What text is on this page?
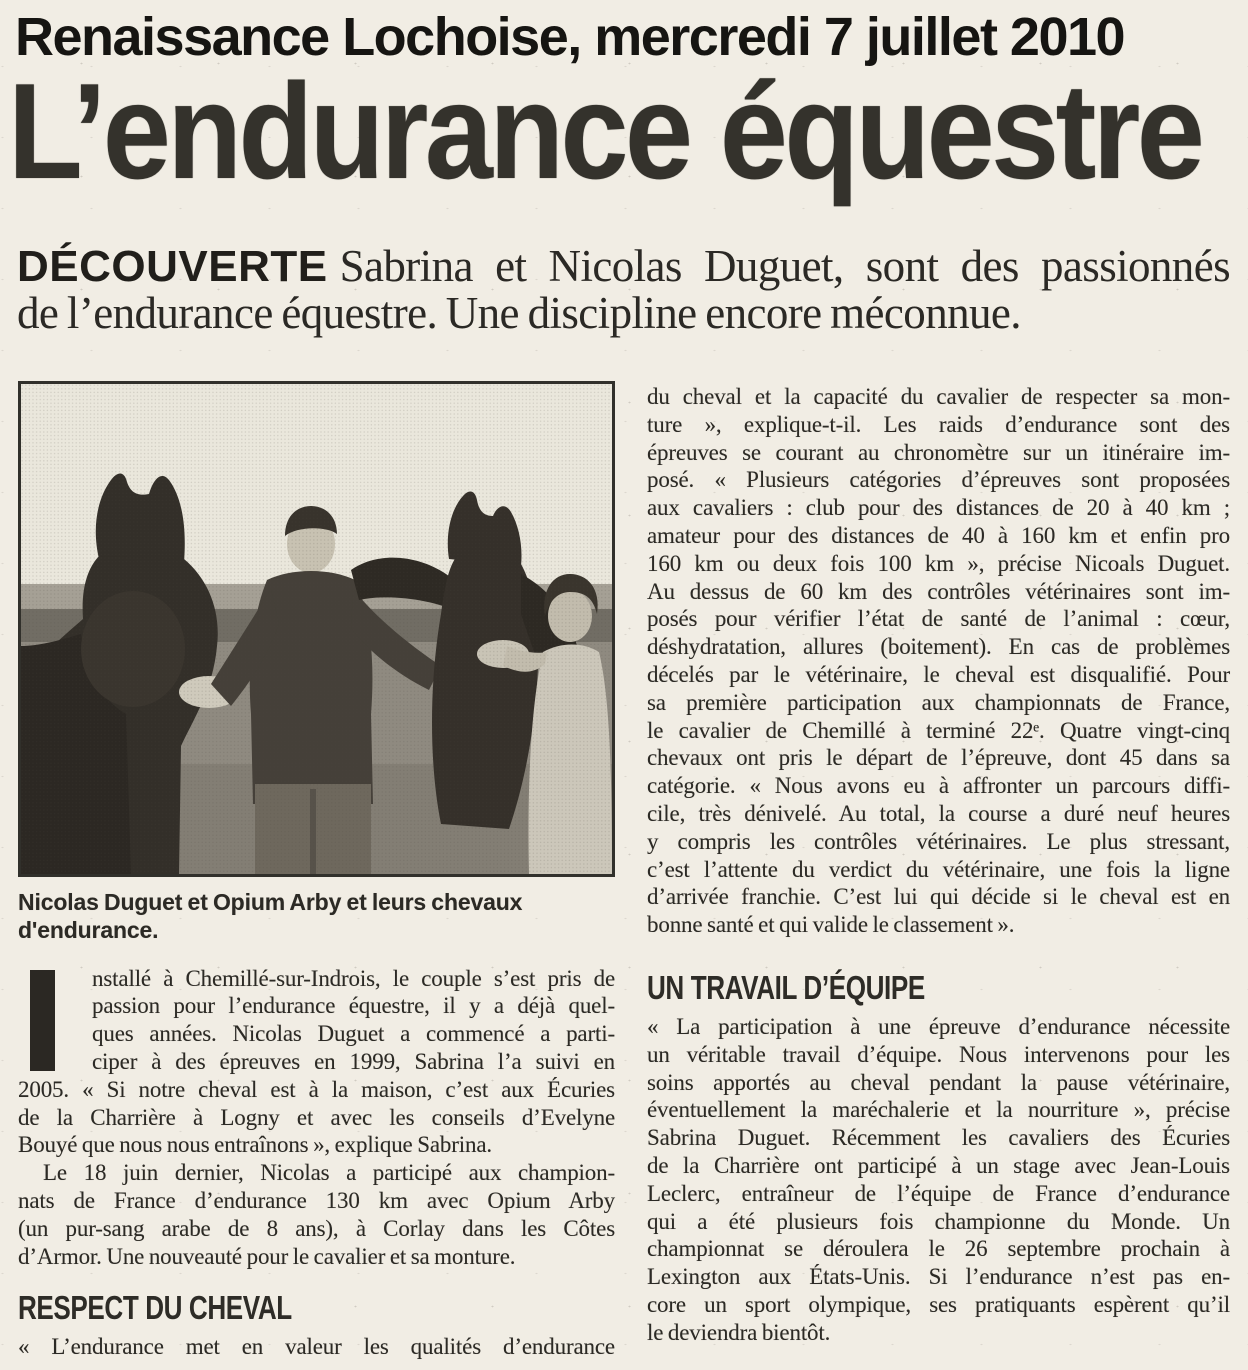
Renaissance Lochoise, mercredi 7 juillet 2010
L’endurance équestre
DÉCOUVERTE Sabrina et Nicolas Duguet, sont des passionnés
de l’endurance équestre. Une discipline encore méconnue.
Nicolas Duguet et Opium Arby et leurs chevaux
d'endurance.
nstallé à Chemillé-sur-Indrois, le couple s’est pris de
passion pour l’endurance équestre, il y a déjà quel-
ques années. Nicolas Duguet a commencé a parti-
ciper à des épreuves en 1999, Sabrina l’a suivi en
2005. « Si notre cheval est à la maison, c’est aux Écuries
de la Charrière à Logny et avec les conseils d’Evelyne
Bouyé que nous nous entraînons », explique Sabrina.
Le 18 juin dernier, Nicolas a participé aux champion-
nats de France d’endurance 130 km avec Opium Arby
(un pur-sang arabe de 8 ans), à Corlay dans les Côtes
d’Armor. Une nouveauté pour le cavalier et sa monture.
RESPECT DU CHEVAL
« L’endurance met en valeur les qualités d’endurance
du cheval et la capacité du cavalier de respecter sa mon-
ture », explique-t-il. Les raids d’endurance sont des
épreuves se courant au chronomètre sur un itinéraire im-
posé. « Plusieurs catégories d’épreuves sont proposées
aux cavaliers : club pour des distances de 20 à 40 km ;
amateur pour des distances de 40 à 160 km et enfin pro
160 km ou deux fois 100 km », précise Nicoals Duguet.
Au dessus de 60 km des contrôles vétérinaires sont im-
posés pour vérifier l’état de santé de l’animal : cœur,
déshydratation, allures (boitement). En cas de problèmes
décelés par le vétérinaire, le cheval est disqualifié. Pour
sa première participation aux championnats de France,
le cavalier de Chemillé à terminé 22ᵉ. Quatre vingt-cinq
chevaux ont pris le départ de l’épreuve, dont 45 dans sa
catégorie. « Nous avons eu à affronter un parcours diffi-
cile, très dénivelé. Au total, la course a duré neuf heures
y compris les contrôles vétérinaires. Le plus stressant,
c’est l’attente du verdict du vétérinaire, une fois la ligne
d’arrivée franchie. C’est lui qui décide si le cheval est en
bonne santé et qui valide le classement ».
UN TRAVAIL D’ÉQUIPE
« La participation à une épreuve d’endurance nécessite
un véritable travail d’équipe. Nous intervenons pour les
soins apportés au cheval pendant la pause vétérinaire,
éventuellement la maréchalerie et la nourriture », précise
Sabrina Duguet. Récemment les cavaliers des Écuries
de la Charrière ont participé à un stage avec Jean-Louis
Leclerc, entraîneur de l’équipe de France d’endurance
qui a été plusieurs fois championne du Monde. Un
championnat se déroulera le 26 septembre prochain à
Lexington aux États-Unis. Si l’endurance n’est pas en-
core un sport olympique, ses pratiquants espèrent qu’il
le deviendra bientôt.
